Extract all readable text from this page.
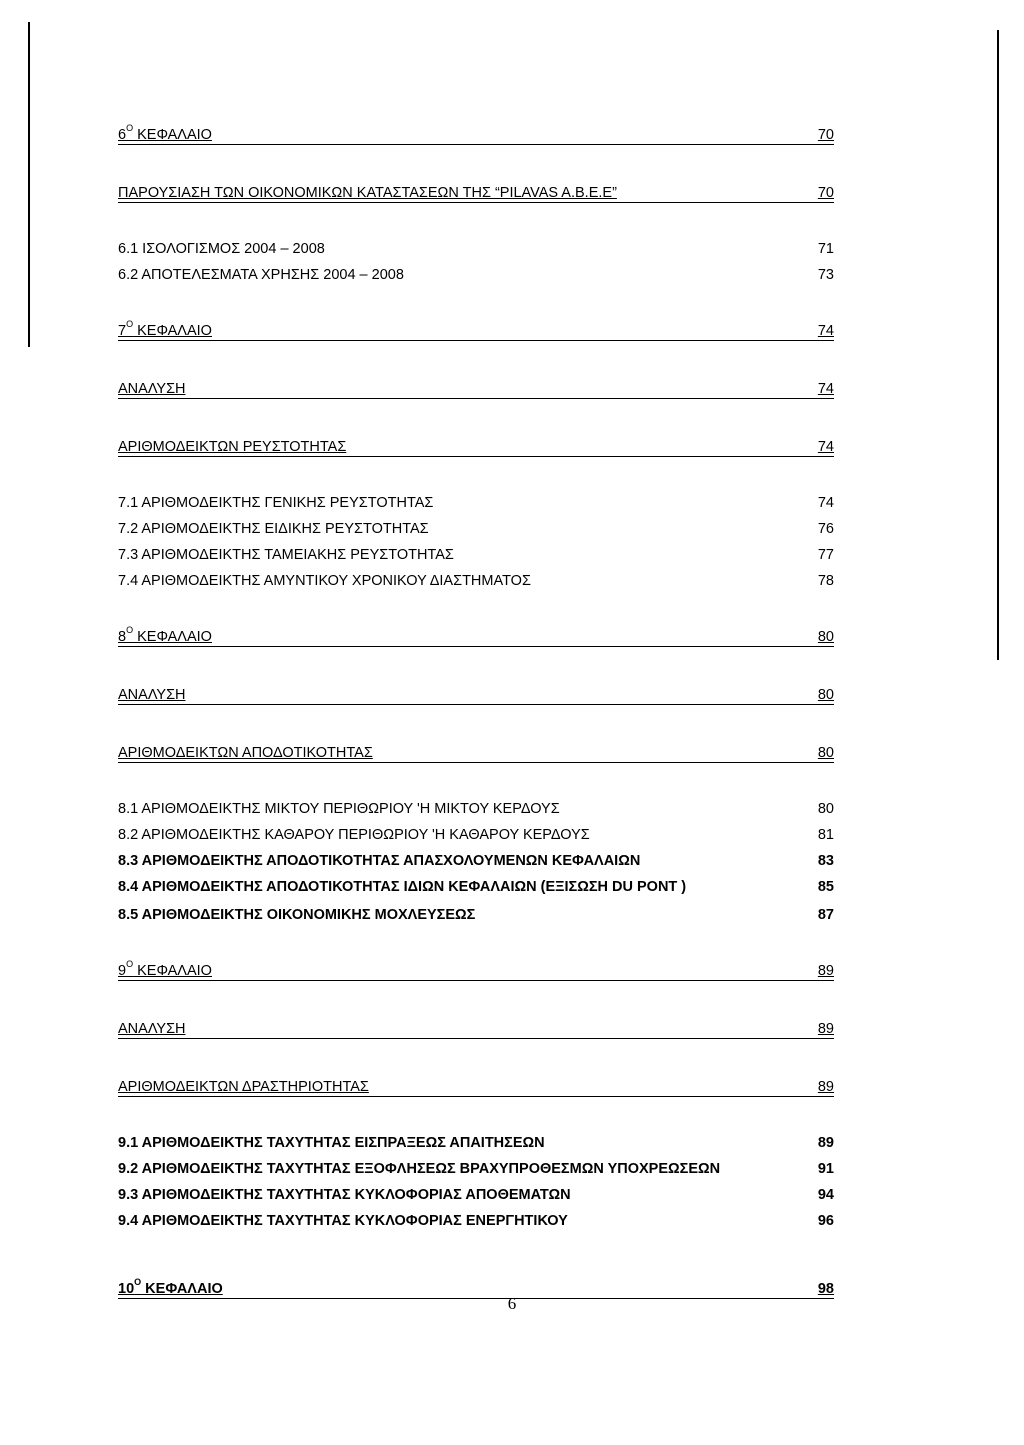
$6^O$ ΚΕΦΑΛΑΙΟ	70
ΠΑΡΟΥΣΙΑΣΗ ΤΩΝ ΟΙΚΟΝΟΜΙΚΩΝ ΚΑΤΑΣΤΑΣΕΩΝ ΤΗΣ “PILAVAS A.B.E.E”	70
6.1 ΙΣΟΛΟΓΙΣΜΟΣ 2004 – 2008	71
6.2 ΑΠΟΤΕΛΕΣΜΑΤΑ ΧΡΗΣΗΣ 2004 – 2008	73
$7^O$ ΚΕΦΑΛΑΙΟ	74
ΑΝΑΛΥΣΗ	74
ΑΡΙΘΜΟΔΕΙΚΤΩΝ ΡΕΥΣΤΟΤΗΤΑΣ	74
7.1 ΑΡΙΘΜΟΔΕΙΚΤΗΣ ΓΕΝΙΚΗΣ ΡΕΥΣΤΟΤΗΤΑΣ	74
7.2 ΑΡΙΘΜΟΔΕΙΚΤΗΣ ΕΙΔΙΚΗΣ ΡΕΥΣΤΟΤΗΤΑΣ	76
7.3 ΑΡΙΘΜΟΔΕΙΚΤΗΣ ΤΑΜΕΙΑΚΗΣ ΡΕΥΣΤΟΤΗΤΑΣ	77
7.4 ΑΡΙΘΜΟΔΕΙΚΤΗΣ ΑΜΥΝΤΙΚΟΥ ΧΡΟΝΙΚΟΥ ΔΙΑΣΤΗΜΑΤΟΣ	78
$8^O$ ΚΕΦΑΛΑΙΟ	80
ΑΝΑΛΥΣΗ	80
ΑΡΙΘΜΟΔΕΙΚΤΩΝ ΑΠΟΔΟΤΙΚΟΤΗΤΑΣ	80
8.1 ΑΡΙΘΜΟΔΕΙΚΤΗΣ ΜΙΚΤΟΥ ΠΕΡΙΘΩΡΙΟΥ 'Η ΜΙΚΤΟΥ ΚΕΡΔΟΥΣ	80
8.2 ΑΡΙΘΜΟΔΕΙΚΤΗΣ ΚΑΘΑΡΟΥ ΠΕΡΙΘΩΡΙΟΥ 'Η ΚΑΘΑΡΟΥ ΚΕΡΔΟΥΣ	81
8.3 ΑΡΙΘΜΟΔΕΙΚΤΗΣ ΑΠΟΔΟΤΙΚΟΤΗΤΑΣ ΑΠΑΣΧΟΛΟΥΜΕΝΩΝ ΚΕΦΑΛΑΙΩΝ	83
8.4 ΑΡΙΘΜΟΔΕΙΚΤΗΣ ΑΠΟΔΟΤΙΚΟΤΗΤΑΣ ΙΔΙΩΝ ΚΕΦΑΛΑΙΩΝ (ΕΞΙΣΩΣΗ DU PONT )	85
8.5 ΑΡΙΘΜΟΔΕΙΚΤΗΣ ΟΙΚΟΝΟΜΙΚΗΣ ΜΟΧΛΕΥΣΕΩΣ	87
$9^O$ ΚΕΦΑΛΑΙΟ	89
ΑΝΑΛΥΣΗ	89
ΑΡΙΘΜΟΔΕΙΚΤΩΝ ΔΡΑΣΤΗΡΙΟΤΗΤΑΣ	89
9.1 ΑΡΙΘΜΟΔΕΙΚΤΗΣ ΤΑΧΥΤΗΤΑΣ ΕΙΣΠΡΑΞΕΩΣ ΑΠΑΙΤΗΣΕΩΝ	89
9.2 ΑΡΙΘΜΟΔΕΙΚΤΗΣ ΤΑΧΥΤΗΤΑΣ ΕΞΟΦΛΗΣΕΩΣ ΒΡΑΧΥΠΡΟΘΕΣΜΩΝ ΥΠΟΧΡΕΩΣΕΩΝ	91
9.3 ΑΡΙΘΜΟΔΕΙΚΤΗΣ ΤΑΧΥΤΗΤΑΣ ΚΥΚΛΟΦΟΡΙΑΣ ΑΠΟΘΕΜΑΤΩΝ	94
9.4 ΑΡΙΘΜΟΔΕΙΚΤΗΣ ΤΑΧΥΤΗΤΑΣ ΚΥΚΛΟΦΟΡΙΑΣ ΕΝΕΡΓΗΤΙΚΟΥ	96
$10^O$ ΚΕΦΑΛΑΙΟ	98
6
